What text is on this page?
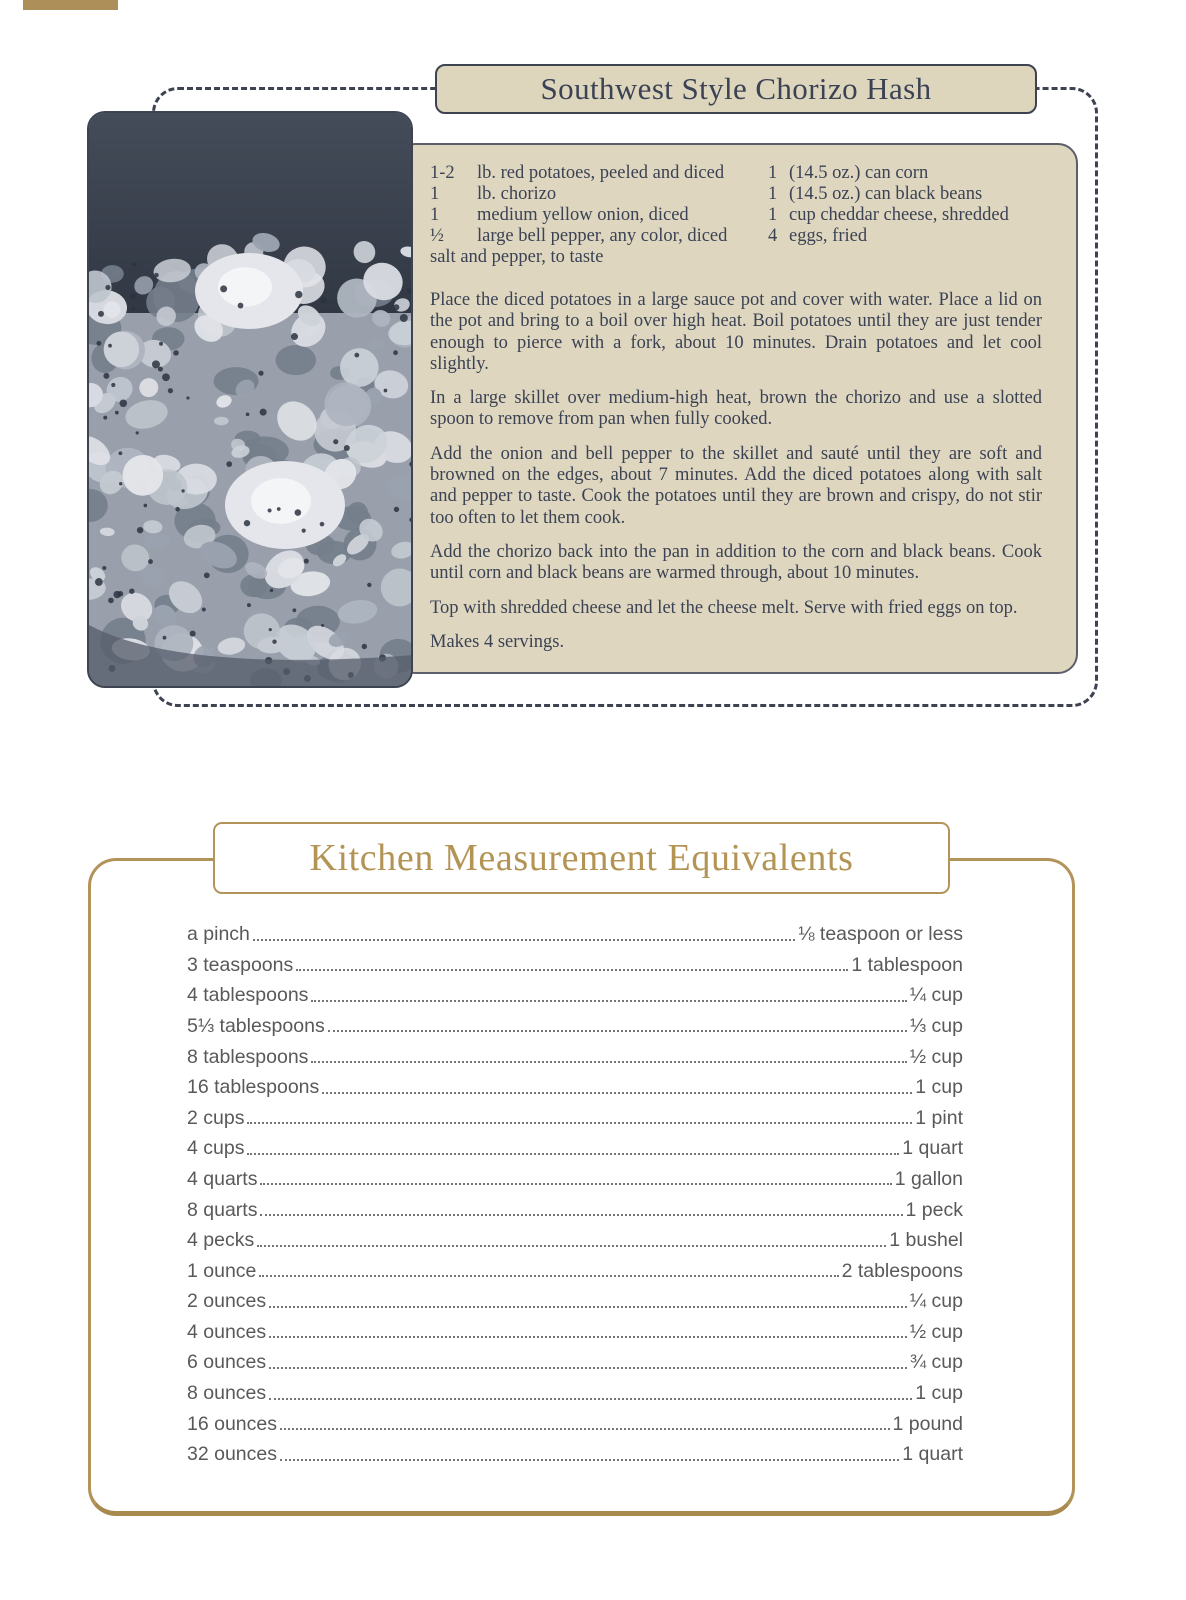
Southwest Style Chorizo Hash
1-2	lb. red potatoes, peeled and diced
1	lb. chorizo
1	medium yellow onion, diced
½	large bell pepper, any color, diced
salt and pepper, to taste
1 (14.5 oz.) can corn
1 (14.5 oz.) can black beans
1 cup cheddar cheese, shredded
4 eggs, fried

Place the diced potatoes in a large sauce pot and cover with water. Place a lid on the pot and bring to a boil over high heat. Boil potatoes until they are just tender enough to pierce with a fork, about 10 minutes. Drain potatoes and let cool slightly.

In a large skillet over medium-high heat, brown the chorizo and use a slotted spoon to remove from pan when fully cooked.

Add the onion and bell pepper to the skillet and sauté until they are soft and browned on the edges, about 7 minutes. Add the diced potatoes along with salt and pepper to taste. Cook the potatoes until they are brown and crispy, do not stir too often to let them cook.

Add the chorizo back into the pan in addition to the corn and black beans. Cook until corn and black beans are warmed through, about 10 minutes.

Top with shredded cheese and let the cheese melt. Serve with fried eggs on top.

Makes 4 servings.

Kitchen Measurement Equivalents
a pinch	⅛ teaspoon or less
3 teaspoons	1 tablespoon
4 tablespoons	¼ cup
5⅓ tablespoons	⅓ cup
8 tablespoons	½ cup
16 tablespoons	1 cup
2 cups	1 pint
4 cups	1 quart
4 quarts	1 gallon
8 quarts	1 peck
4 pecks	1 bushel
1 ounce	2 tablespoons
2 ounces	¼ cup
4 ounces	½ cup
6 ounces	¾ cup
8 ounces	1 cup
16 ounces	1 pound
32 ounces	1 quart
